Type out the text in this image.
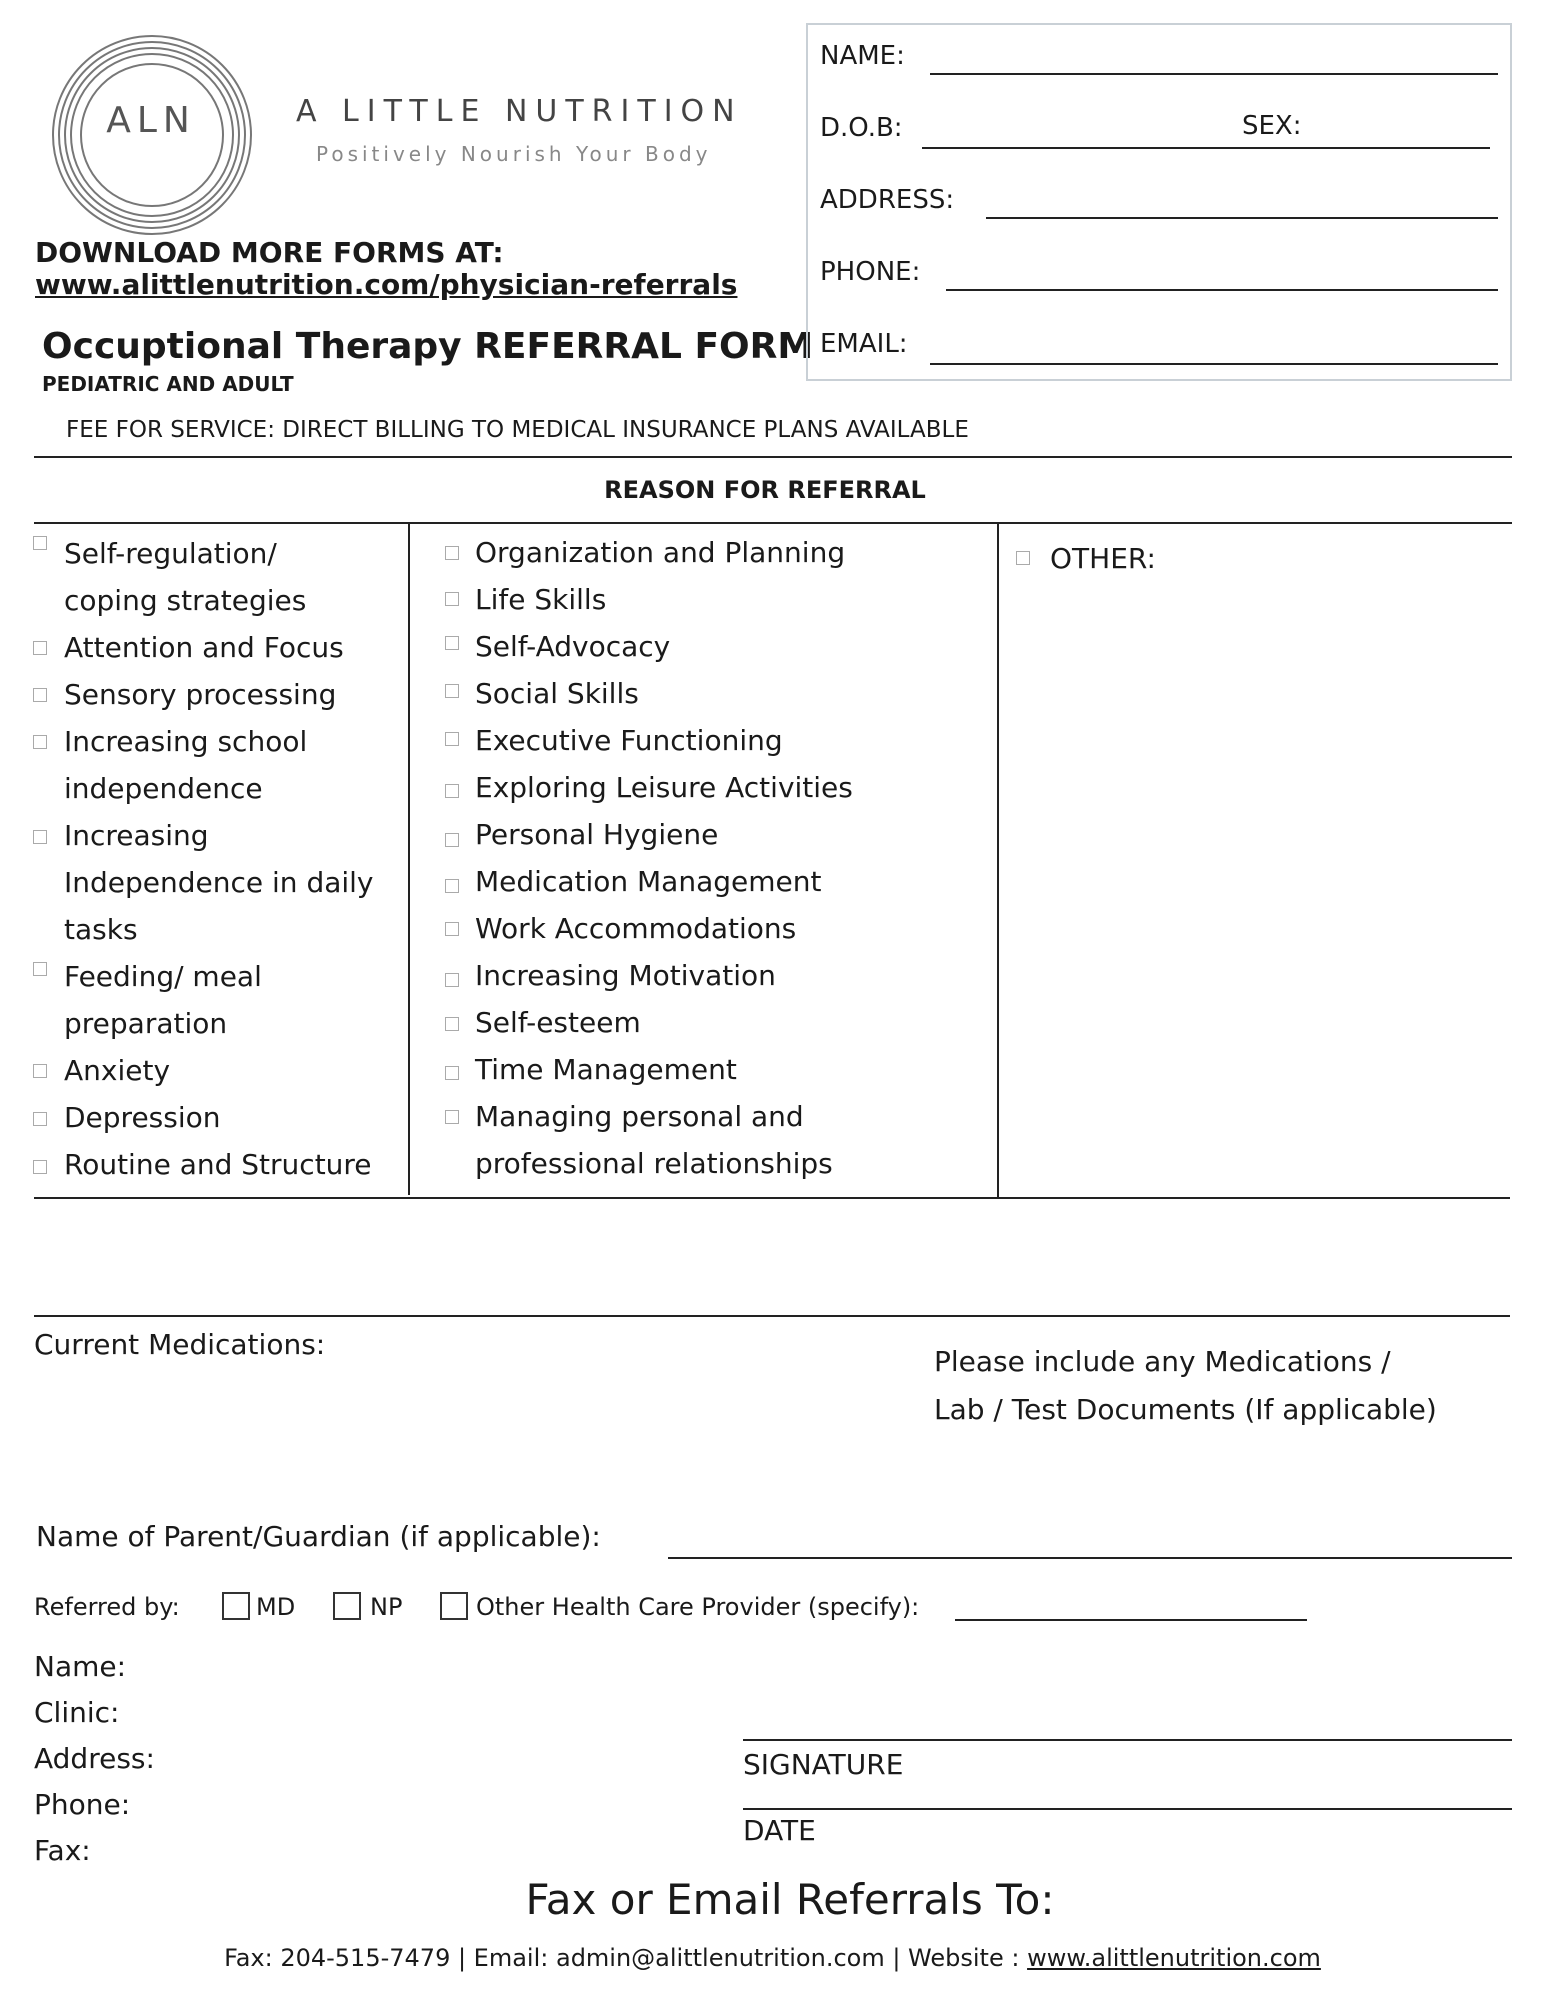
ALN	A LITTLE NUTRITION
Positively Nourish Your Body
DOWNLOAD MORE FORMS AT:
www.alittlenutrition.com/physician-referrals
Occuptional Therapy REFERRAL FORM
PEDIATRIC AND ADULT
FEE FOR SERVICE: DIRECT BILLING TO MEDICAL INSURANCE PLANS AVAILABLE
NAME:
D.O.B:	SEX:
ADDRESS:
PHONE:
EMAIL:
REASON FOR REFERRAL
Self-regulation/
coping strategies
Attention and Focus
Sensory processing
Increasing school
independence
Increasing
Independence in daily
tasks
Feeding/ meal
preparation
Anxiety
Depression
Routine and Structure
Organization and Planning
Life Skills
Self-Advocacy
Social Skills
Executive Functioning
Exploring Leisure Activities
Personal Hygiene
Medication Management
Work Accommodations
Increasing Motivation
Self-esteem
Time Management
Managing personal and
professional relationships
OTHER:
Current Medications:
Please include any Medications /
Lab / Test Documents (If applicable)
Name of Parent/Guardian (if applicable):
Referred by:	MD	NP	Other Health Care Provider (specify):
Name:
Clinic:
Address:
Phone:
Fax:
SIGNATURE
DATE
Fax or Email Referrals To:
Fax: 204-515-7479 | Email: admin@alittlenutrition.com | Website : www.alittlenutrition.com
